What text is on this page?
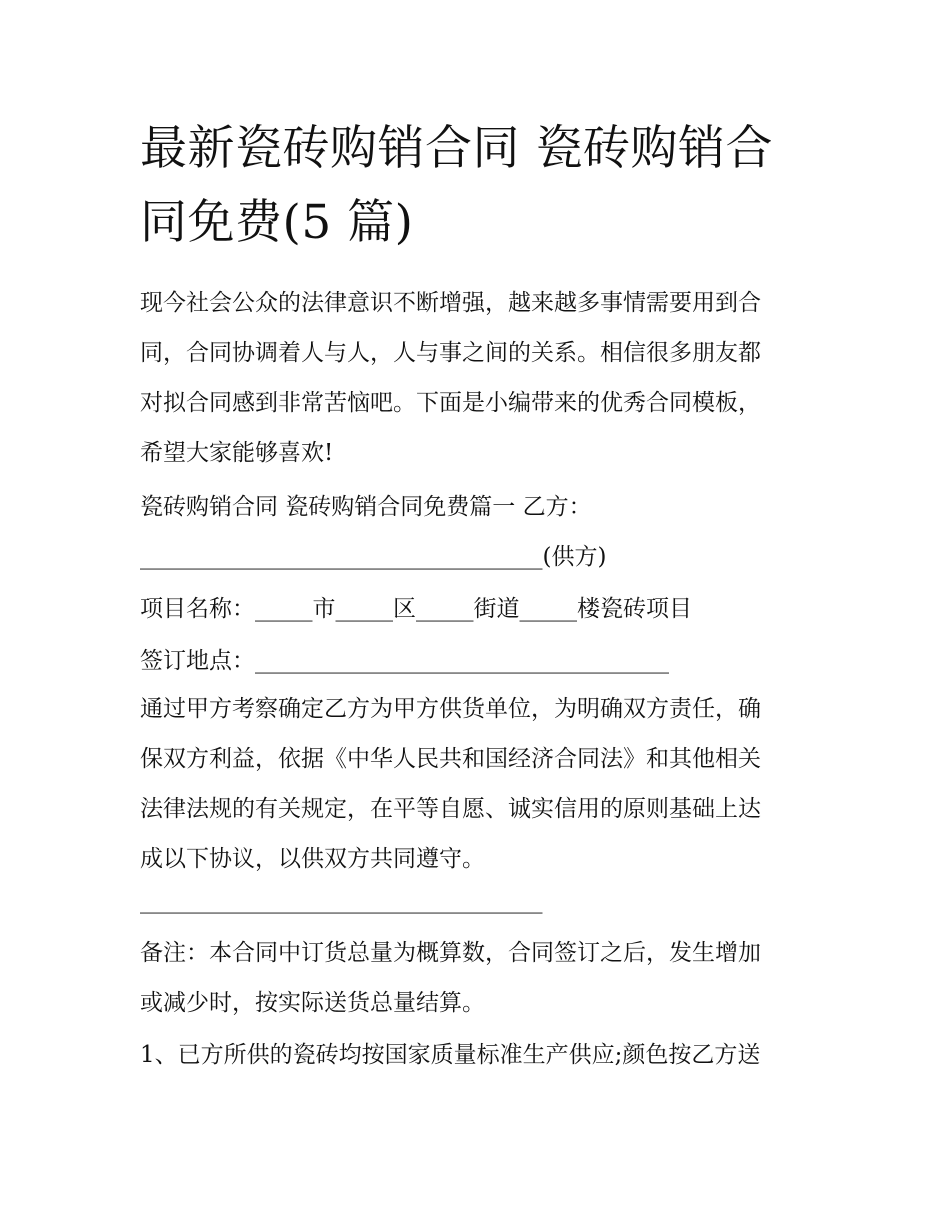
最新瓷砖购销合同 瓷砖购销合
同免费(5 篇)
现今社会公众的法律意识不断增强，越来越多事情需要用到合
同，合同协调着人与人，人与事之间的关系。相信很多朋友都
对拟合同感到非常苦恼吧。下面是小编带来的优秀合同模板，
希望大家能够喜欢!
瓷砖购销合同 瓷砖购销合同免费篇一 乙方：
___________________________________(供方)
项目名称：_____市_____区_____街道_____楼瓷砖项目
签订地点：____________________________________
通过甲方考察确定乙方为甲方供货单位，为明确双方责任，确
保双方利益，依据《中华人民共和国经济合同法》和其他相关
法律法规的有关规定，在平等自愿、诚实信用的原则基础上达
成以下协议，以供双方共同遵守。
___________________________________
备注：本合同中订货总量为概算数，合同签订之后，发生增加
或减少时，按实际送货总量结算。
1、已方所供的瓷砖均按国家质量标准生产供应;颜色按乙方送
